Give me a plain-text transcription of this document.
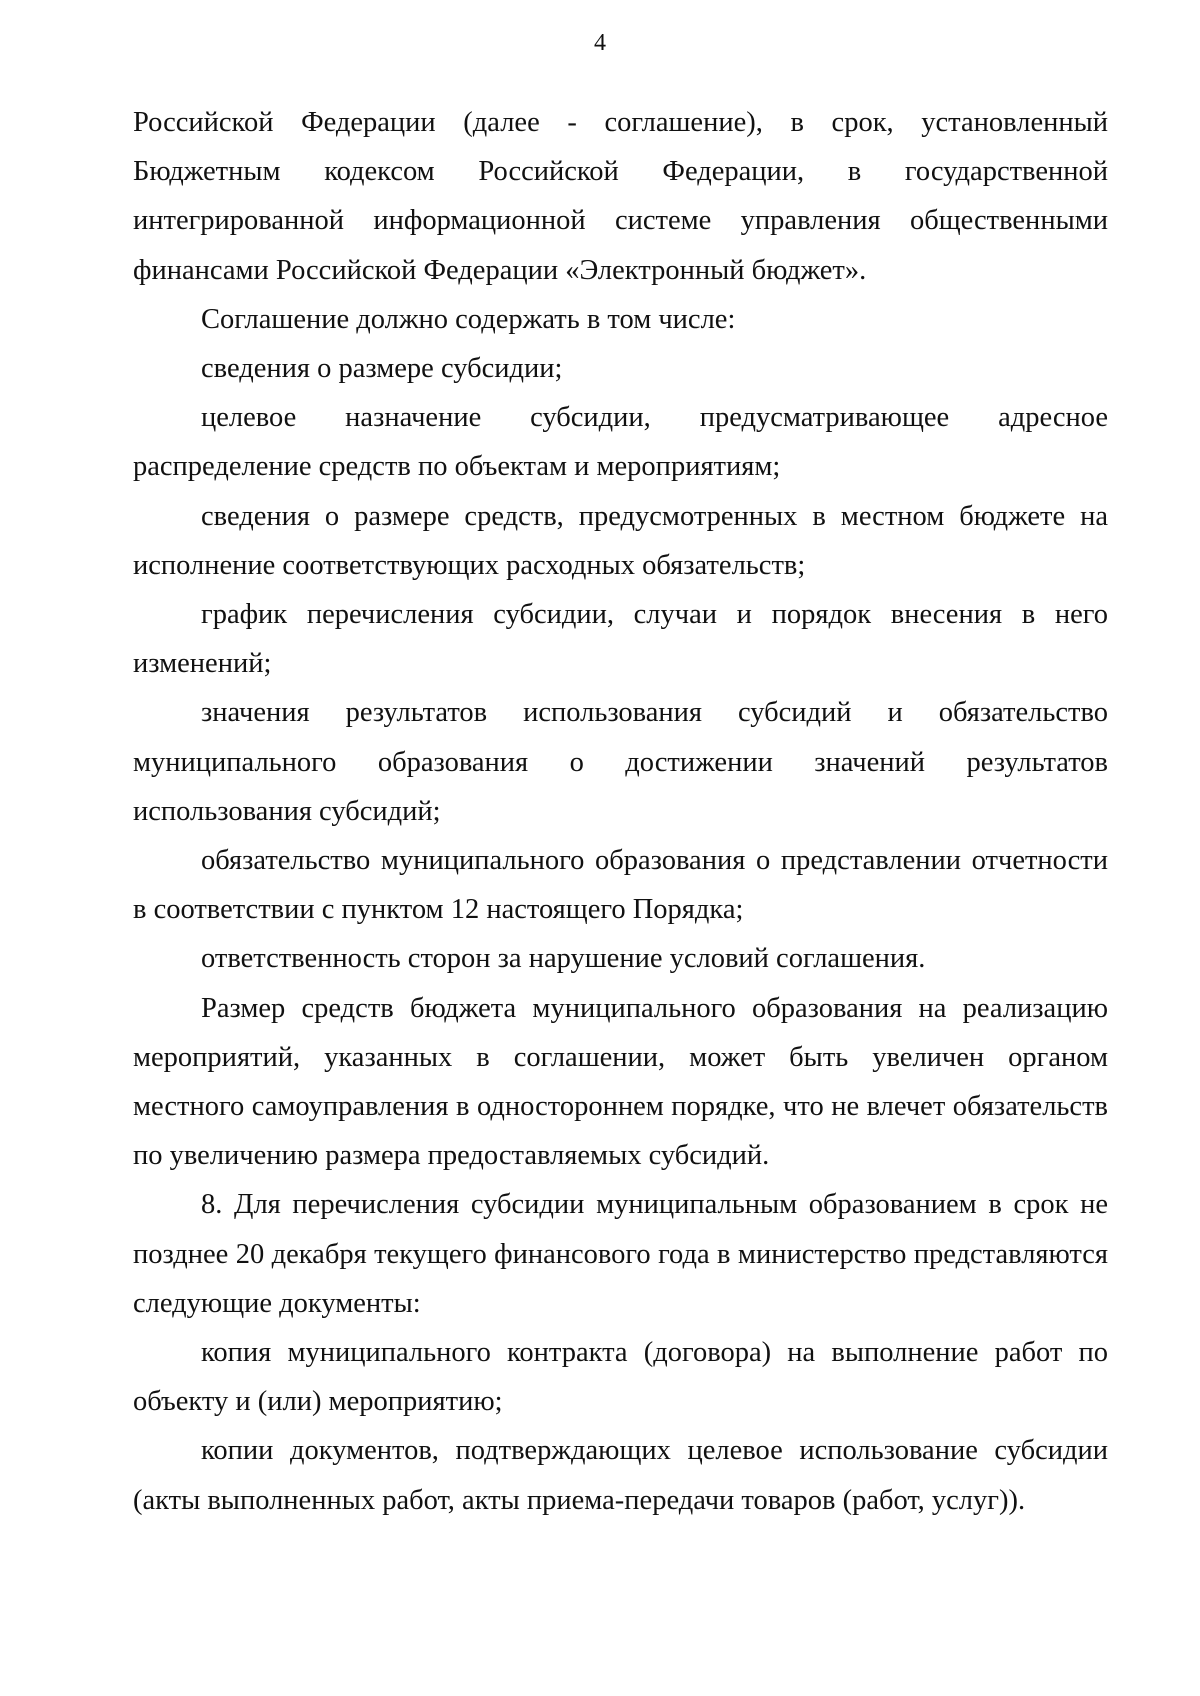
4

Российской Федерации (далее - соглашение), в срок, установленный Бюджетным кодексом Российской Федерации, в государственной интегрированной информационной системе управления общественными финансами Российской Федерации «Электронный бюджет».

Соглашение должно содержать в том числе:

сведения о размере субсидии;

целевое назначение субсидии, предусматривающее адресное распределение средств по объектам и мероприятиям;

сведения о размере средств, предусмотренных в местном бюджете на исполнение соответствующих расходных обязательств;

график перечисления субсидии, случаи и порядок внесения в него изменений;

значения результатов использования субсидий и обязательство муниципального образования о достижении значений результатов использования субсидий;

обязательство муниципального образования о представлении отчетности в соответствии с пунктом 12 настоящего Порядка;

ответственность сторон за нарушение условий соглашения.

Размер средств бюджета муниципального образования на реализацию мероприятий, указанных в соглашении, может быть увеличен органом местного самоуправления в одностороннем порядке, что не влечет обязательств по увеличению размера предоставляемых субсидий.

8. Для перечисления субсидии муниципальным образованием в срок не позднее 20 декабря текущего финансового года в министерство представляются следующие документы:

копия муниципального контракта (договора) на выполнение работ по объекту и (или) мероприятию;

копии документов, подтверждающих целевое использование субсидии (акты выполненных работ, акты приема-передачи товаров (работ, услуг)).
